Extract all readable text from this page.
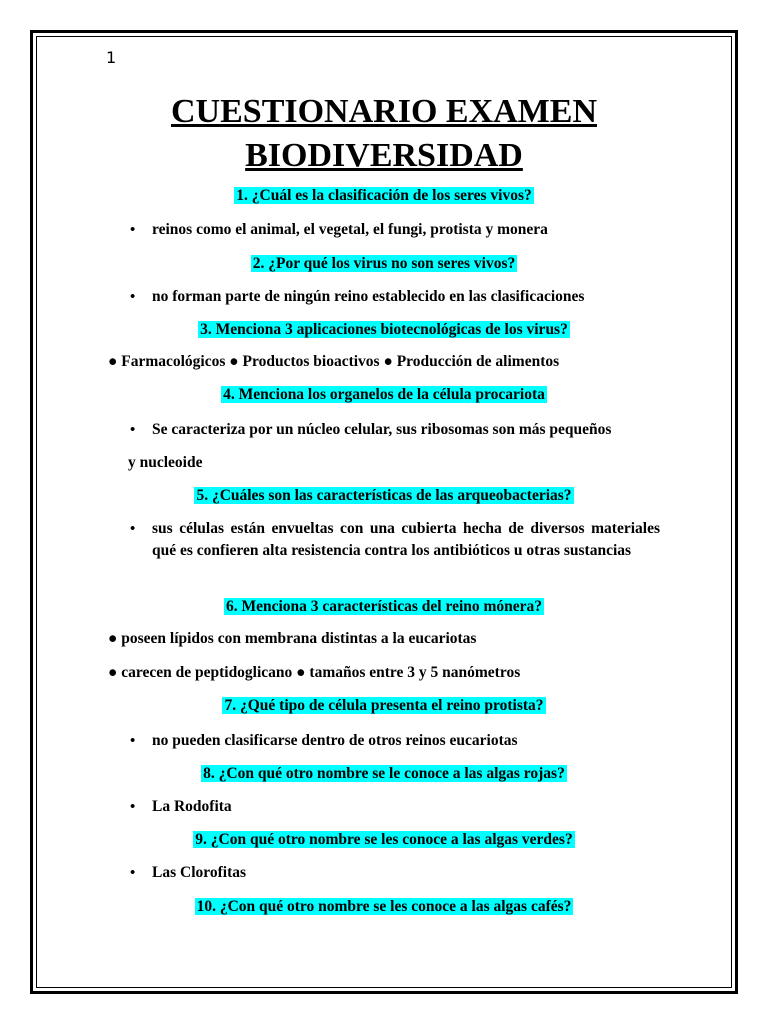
1
CUESTIONARIO EXAMEN
BIODIVERSIDAD
1. ¿Cuál es la clasificación de los seres vivos?
• reinos como el animal, el vegetal, el fungi, protista y monera
2. ¿Por qué los virus no son seres vivos?
• no forman parte de ningún reino establecido en las clasificaciones
3. Menciona 3 aplicaciones biotecnológicas de los virus?
● Farmacológicos ● Productos bioactivos ● Producción de alimentos
4. Menciona los organelos de la célula procariota
• Se caracteriza por un núcleo celular, sus ribosomas son más pequeños
y nucleoide
5. ¿Cuáles son las características de las arqueobacterias?
• sus células están envueltas con una cubierta hecha de diversos materiales qué es confieren alta resistencia contra los antibióticos u otras sustancias
6. Menciona 3 características del reino mónera?
● poseen lípidos con membrana distintas a la eucariotas
● carecen de peptidoglicano ● tamaños entre 3 y 5 nanómetros
7. ¿Qué tipo de célula presenta el reino protista?
• no pueden clasificarse dentro de otros reinos eucariotas
8. ¿Con qué otro nombre se le conoce a las algas rojas?
• La Rodofita
9. ¿Con qué otro nombre se les conoce a las algas verdes?
• Las Clorofitas
10. ¿Con qué otro nombre se les conoce a las algas cafés?
